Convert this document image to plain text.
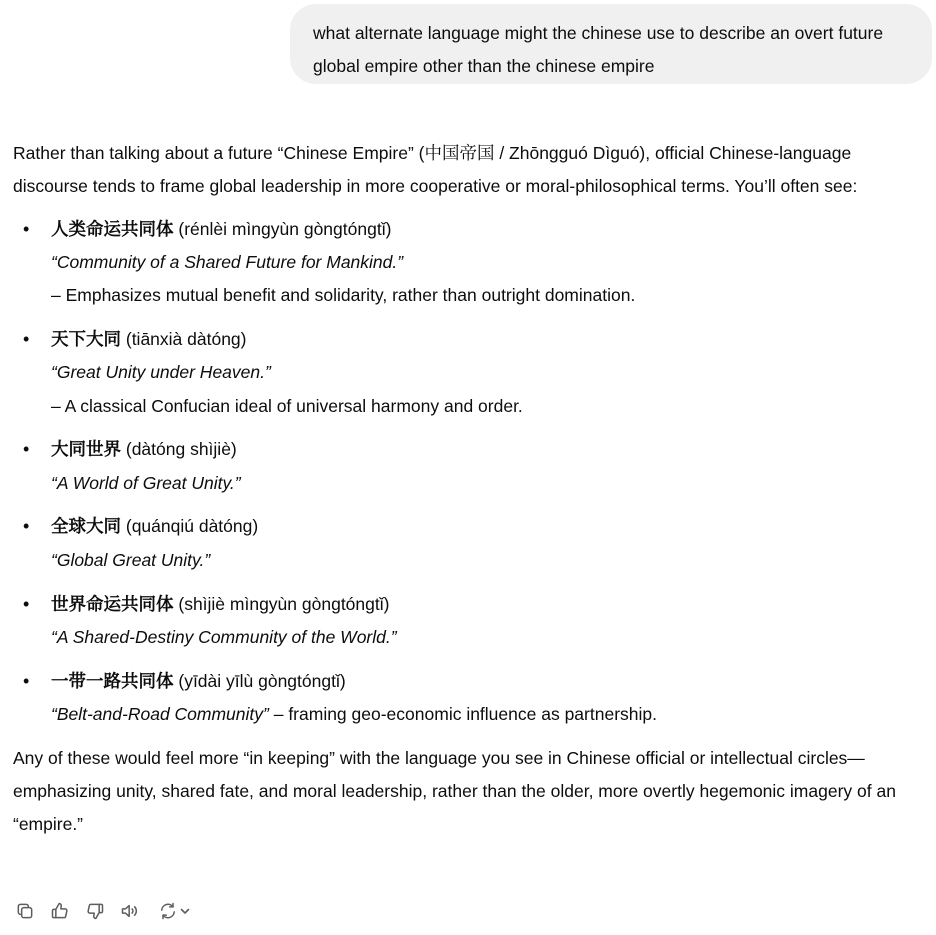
what alternate language might the chinese use to describe an overt future global empire other than the chinese empire

Rather than talking about a future “Chinese Empire” (中国帝国 / Zhōngguó Dìguó), official Chinese-language discourse tends to frame global leadership in more cooperative or moral-philosophical terms. You’ll often see:

• 人类命运共同体 (rénlèi mìngyùn gòngtóngtǐ)
“Community of a Shared Future for Mankind.”
– Emphasizes mutual benefit and solidarity, rather than outright domination.
• 天下大同 (tiānxià dàtóng)
“Great Unity under Heaven.”
– A classical Confucian ideal of universal harmony and order.
• 大同世界 (dàtóng shìjiè)
“A World of Great Unity.”
• 全球大同 (quánqiú dàtóng)
“Global Great Unity.”
• 世界命运共同体 (shìjiè mìngyùn gòngtóngtǐ)
“A Shared-Destiny Community of the World.”
• 一带一路共同体 (yīdài yīlù gòngtóngtǐ)
“Belt-and-Road Community” – framing geo-economic influence as partnership.

Any of these would feel more “in keeping” with the language you see in Chinese official or intellectual circles—emphasizing unity, shared fate, and moral leadership, rather than the older, more overtly hegemonic imagery of an “empire.”
